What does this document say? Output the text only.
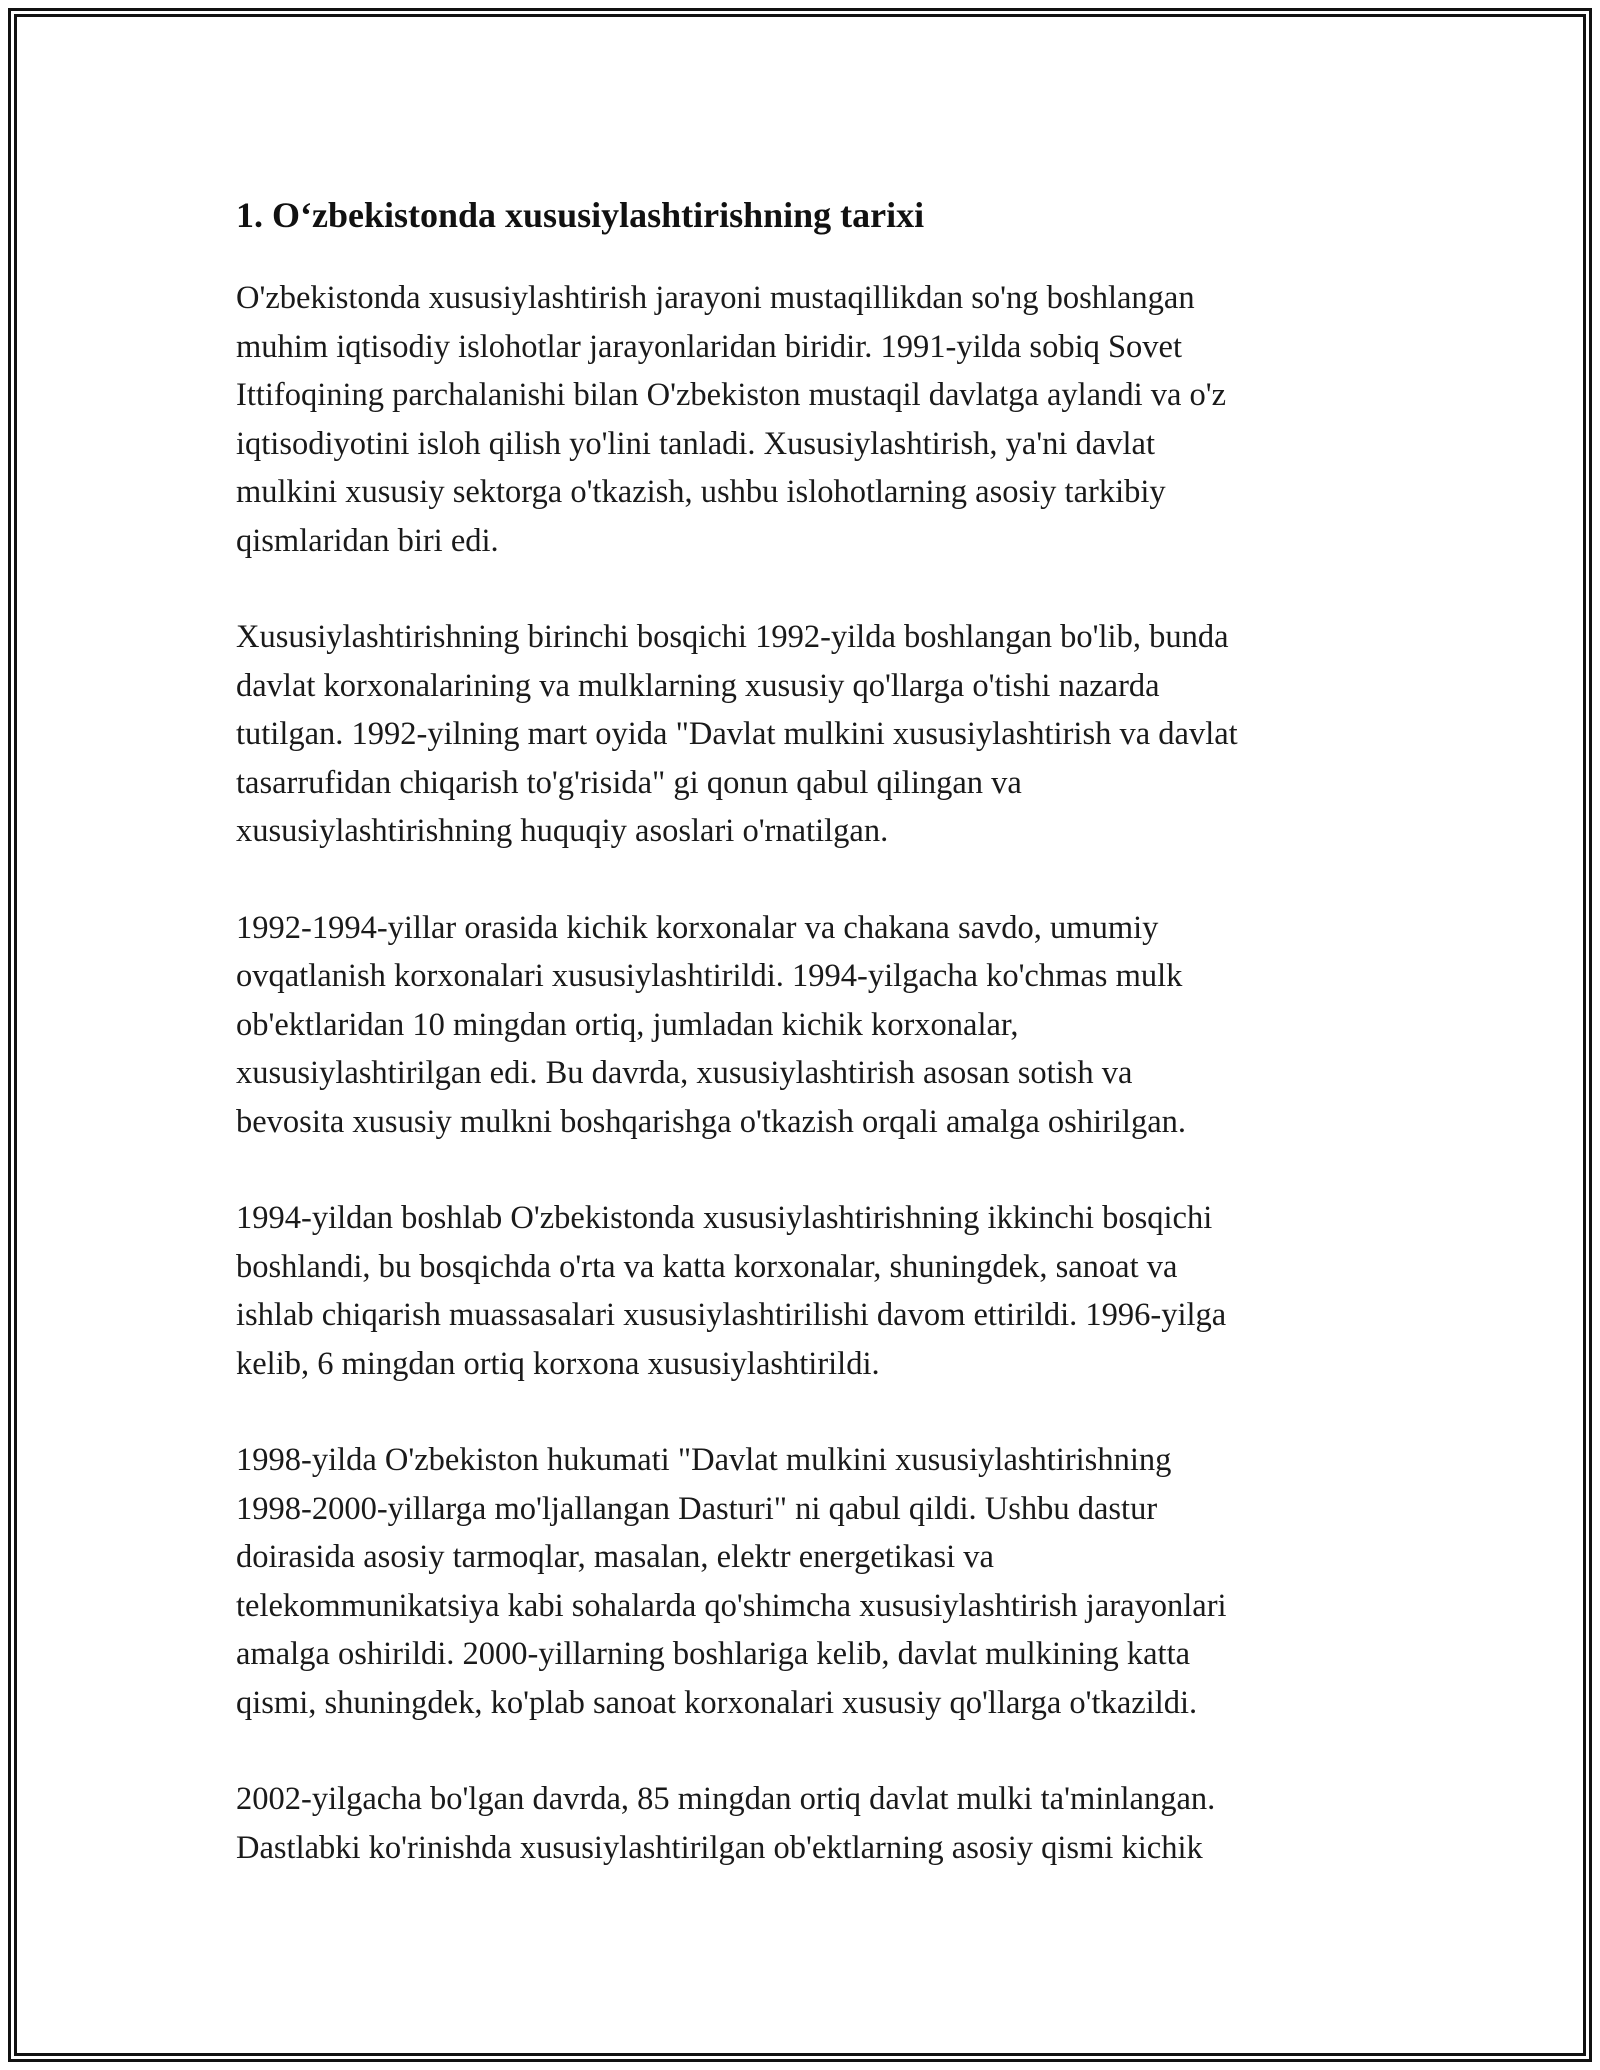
1. O‘zbekistonda xususiylashtirishning tarixi

O'zbekistonda xususiylashtirish jarayoni mustaqillikdan so'ng boshlangan
muhim iqtisodiy islohotlar jarayonlaridan biridir. 1991-yilda sobiq Sovet
Ittifoqining parchalanishi bilan O'zbekiston mustaqil davlatga aylandi va o'z
iqtisodiyotini isloh qilish yo'lini tanladi. Xususiylashtirish, ya'ni davlat
mulkini xususiy sektorga o'tkazish, ushbu islohotlarning asosiy tarkibiy
qismlaridan biri edi.

Xususiylashtirishning birinchi bosqichi 1992-yilda boshlangan bo'lib, bunda
davlat korxonalarining va mulklarning xususiy qo'llarga o'tishi nazarda
tutilgan. 1992-yilning mart oyida "Davlat mulkini xususiylashtirish va davlat
tasarrufidan chiqarish to'g'risida" gi qonun qabul qilingan va
xususiylashtirishning huquqiy asoslari o'rnatilgan.

1992-1994-yillar orasida kichik korxonalar va chakana savdo, umumiy
ovqatlanish korxonalari xususiylashtirildi. 1994-yilgacha ko'chmas mulk
ob'ektlaridan 10 mingdan ortiq, jumladan kichik korxonalar,
xususiylashtirilgan edi. Bu davrda, xususiylashtirish asosan sotish va
bevosita xususiy mulkni boshqarishga o'tkazish orqali amalga oshirilgan.

1994-yildan boshlab O'zbekistonda xususiylashtirishning ikkinchi bosqichi
boshlandi, bu bosqichda o'rta va katta korxonalar, shuningdek, sanoat va
ishlab chiqarish muassasalari xususiylashtirilishi davom ettirildi. 1996-yilga
kelib, 6 mingdan ortiq korxona xususiylashtirildi.

1998-yilda O'zbekiston hukumati "Davlat mulkini xususiylashtirishning
1998-2000-yillarga mo'ljallangan Dasturi" ni qabul qildi. Ushbu dastur
doirasida asosiy tarmoqlar, masalan, elektr energetikasi va
telekommunikatsiya kabi sohalarda qo'shimcha xususiylashtirish jarayonlari
amalga oshirildi. 2000-yillarning boshlariga kelib, davlat mulkining katta
qismi, shuningdek, ko'plab sanoat korxonalari xususiy qo'llarga o'tkazildi.

2002-yilgacha bo'lgan davrda, 85 mingdan ortiq davlat mulki ta'minlangan.
Dastlabki ko'rinishda xususiylashtirilgan ob'ektlarning asosiy qismi kichik
